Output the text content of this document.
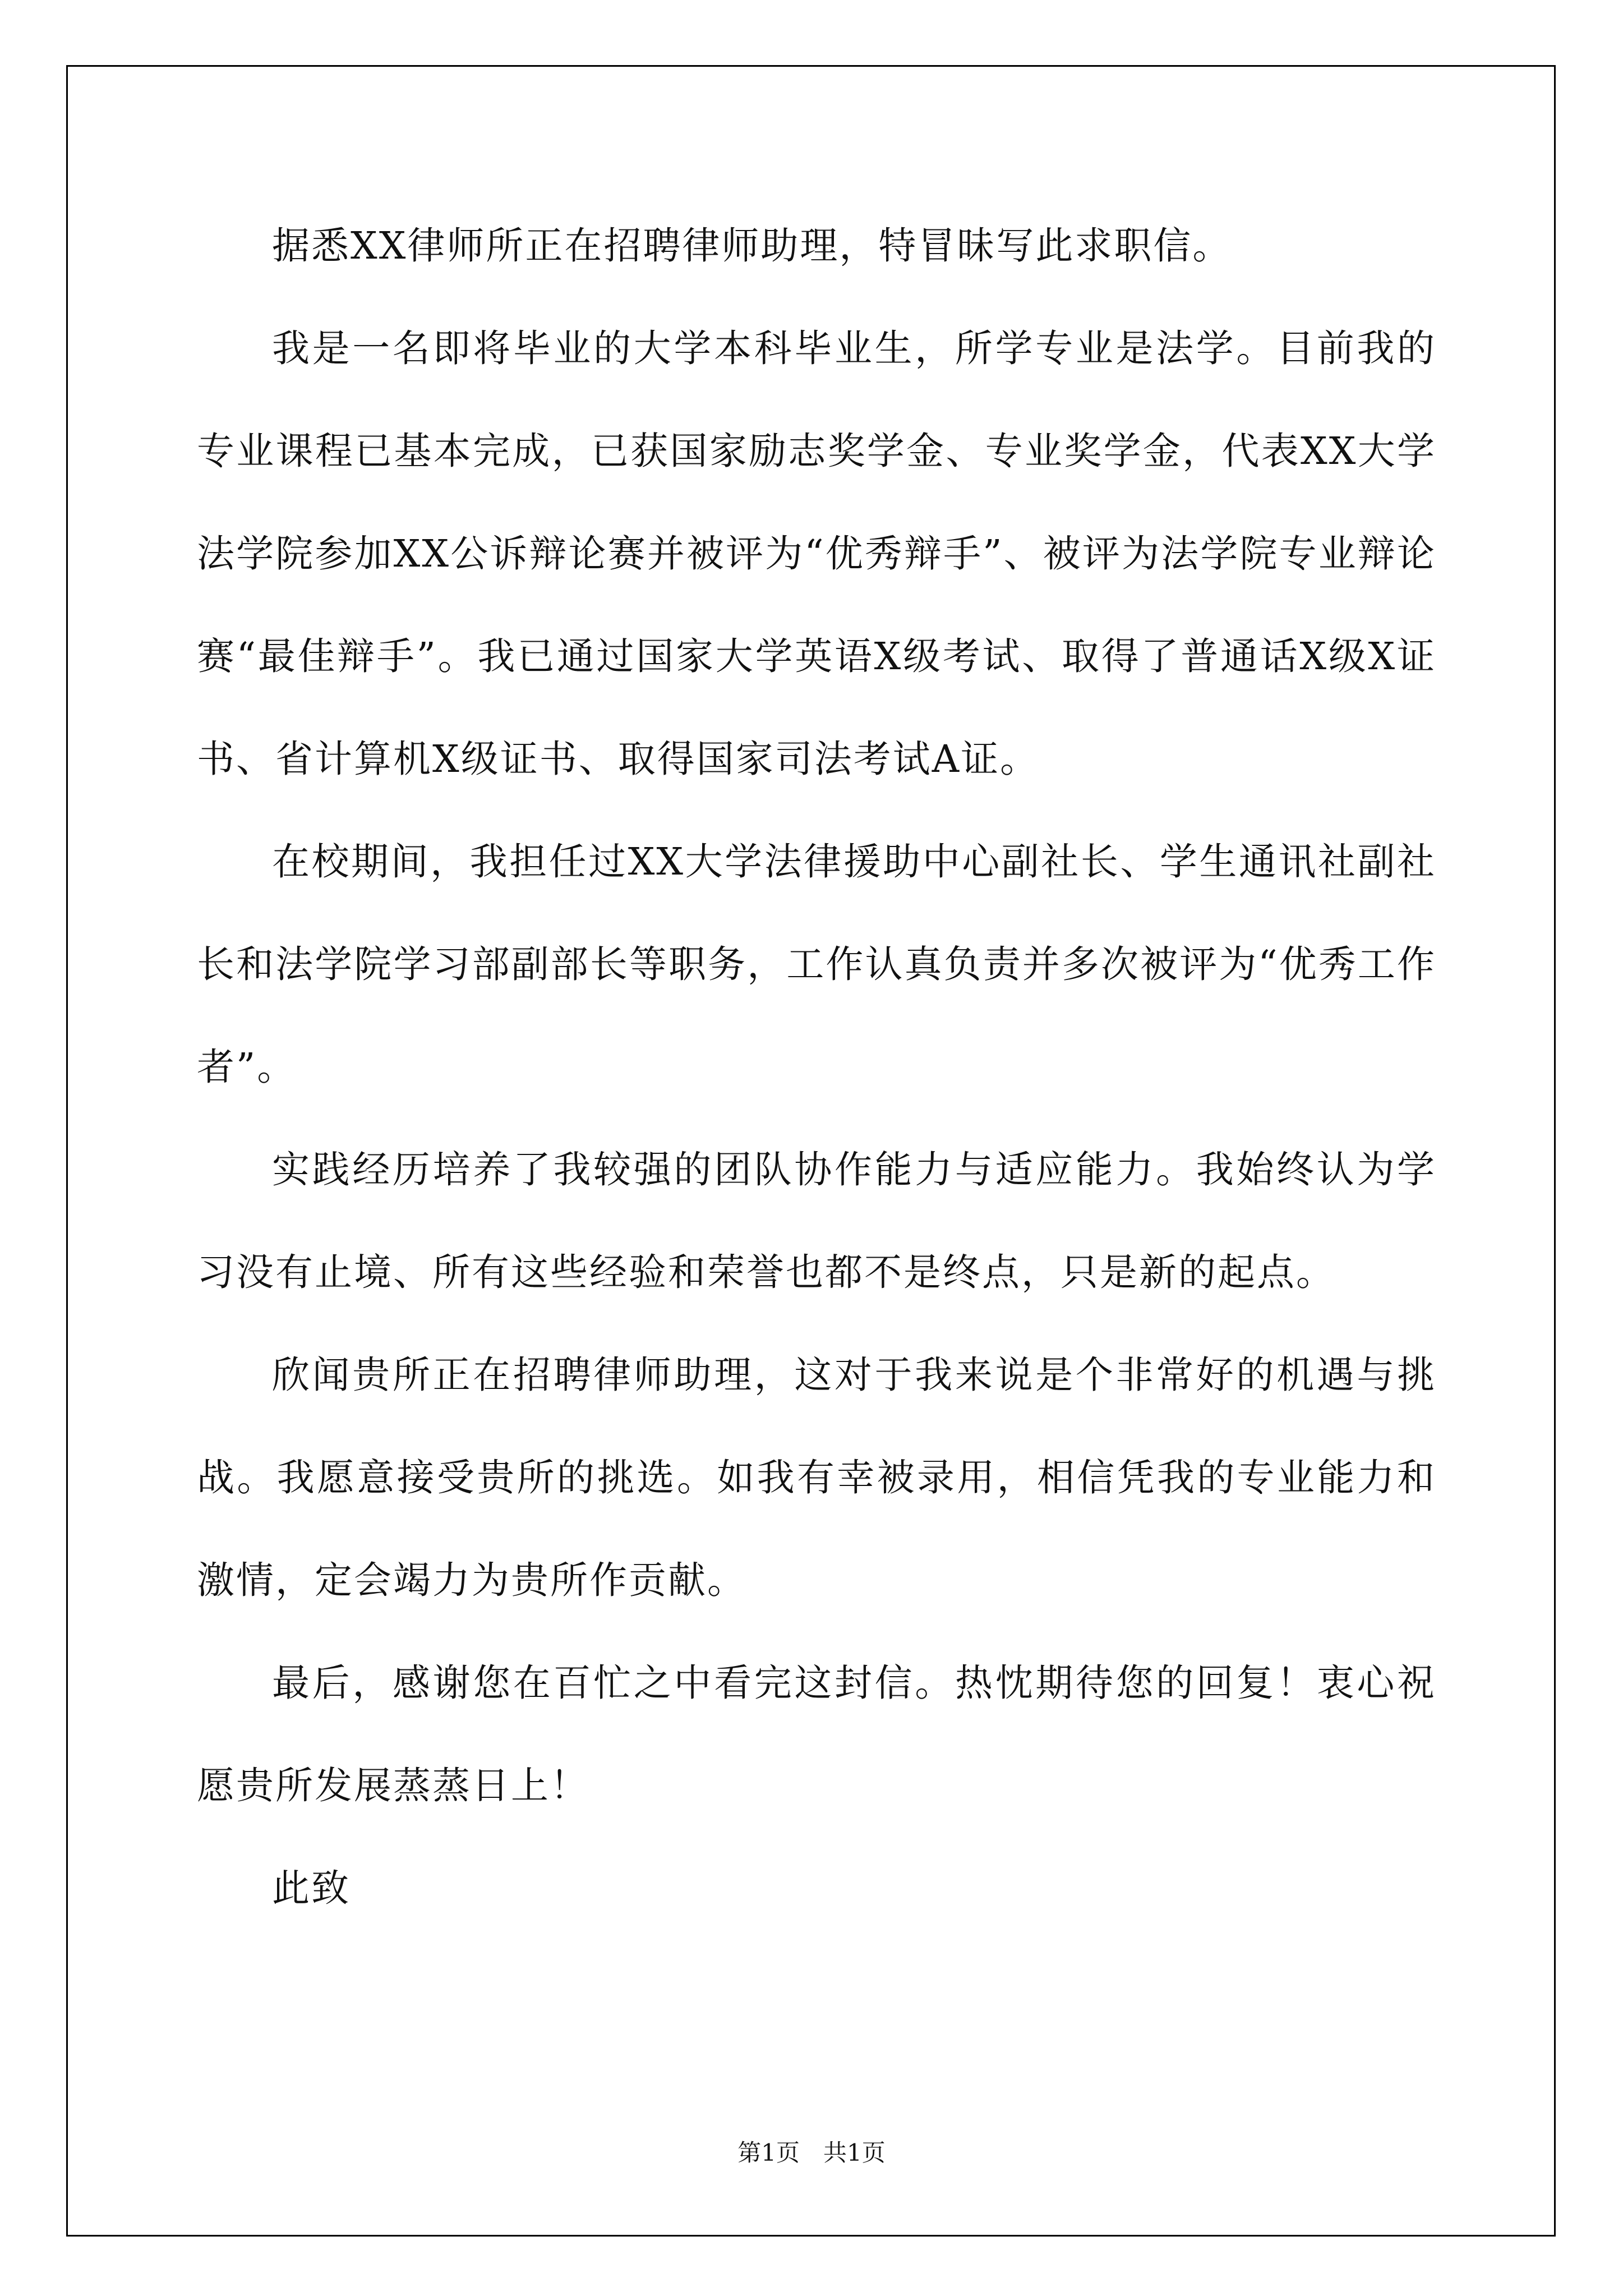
据悉XX律师所正在招聘律师助理，特冒昧写此求职信。

我是一名即将毕业的大学本科毕业生，所学专业是法学。目前我的专业课程已基本完成，已获国家励志奖学金、专业奖学金，代表XX大学法学院参加XX公诉辩论赛并被评为“优秀辩手”、被评为法学院专业辩论赛“最佳辩手”。我已通过国家大学英语X级考试、取得了普通话X级X证书、省计算机X级证书、取得国家司法考试A证。

在校期间，我担任过XX大学法律援助中心副社长、学生通讯社副社长和法学院学习部副部长等职务，工作认真负责并多次被评为“优秀工作者”。

实践经历培养了我较强的团队协作能力与适应能力。我始终认为学习没有止境、所有这些经验和荣誉也都不是终点，只是新的起点。

欣闻贵所正在招聘律师助理，这对于我来说是个非常好的机遇与挑战。我愿意接受贵所的挑选。如我有幸被录用，相信凭我的专业能力和激情，定会竭力为贵所作贡献。

最后，感谢您在百忙之中看完这封信。热忱期待您的回复！衷心祝愿贵所发展蒸蒸日上！

此致

第1页　共1页
